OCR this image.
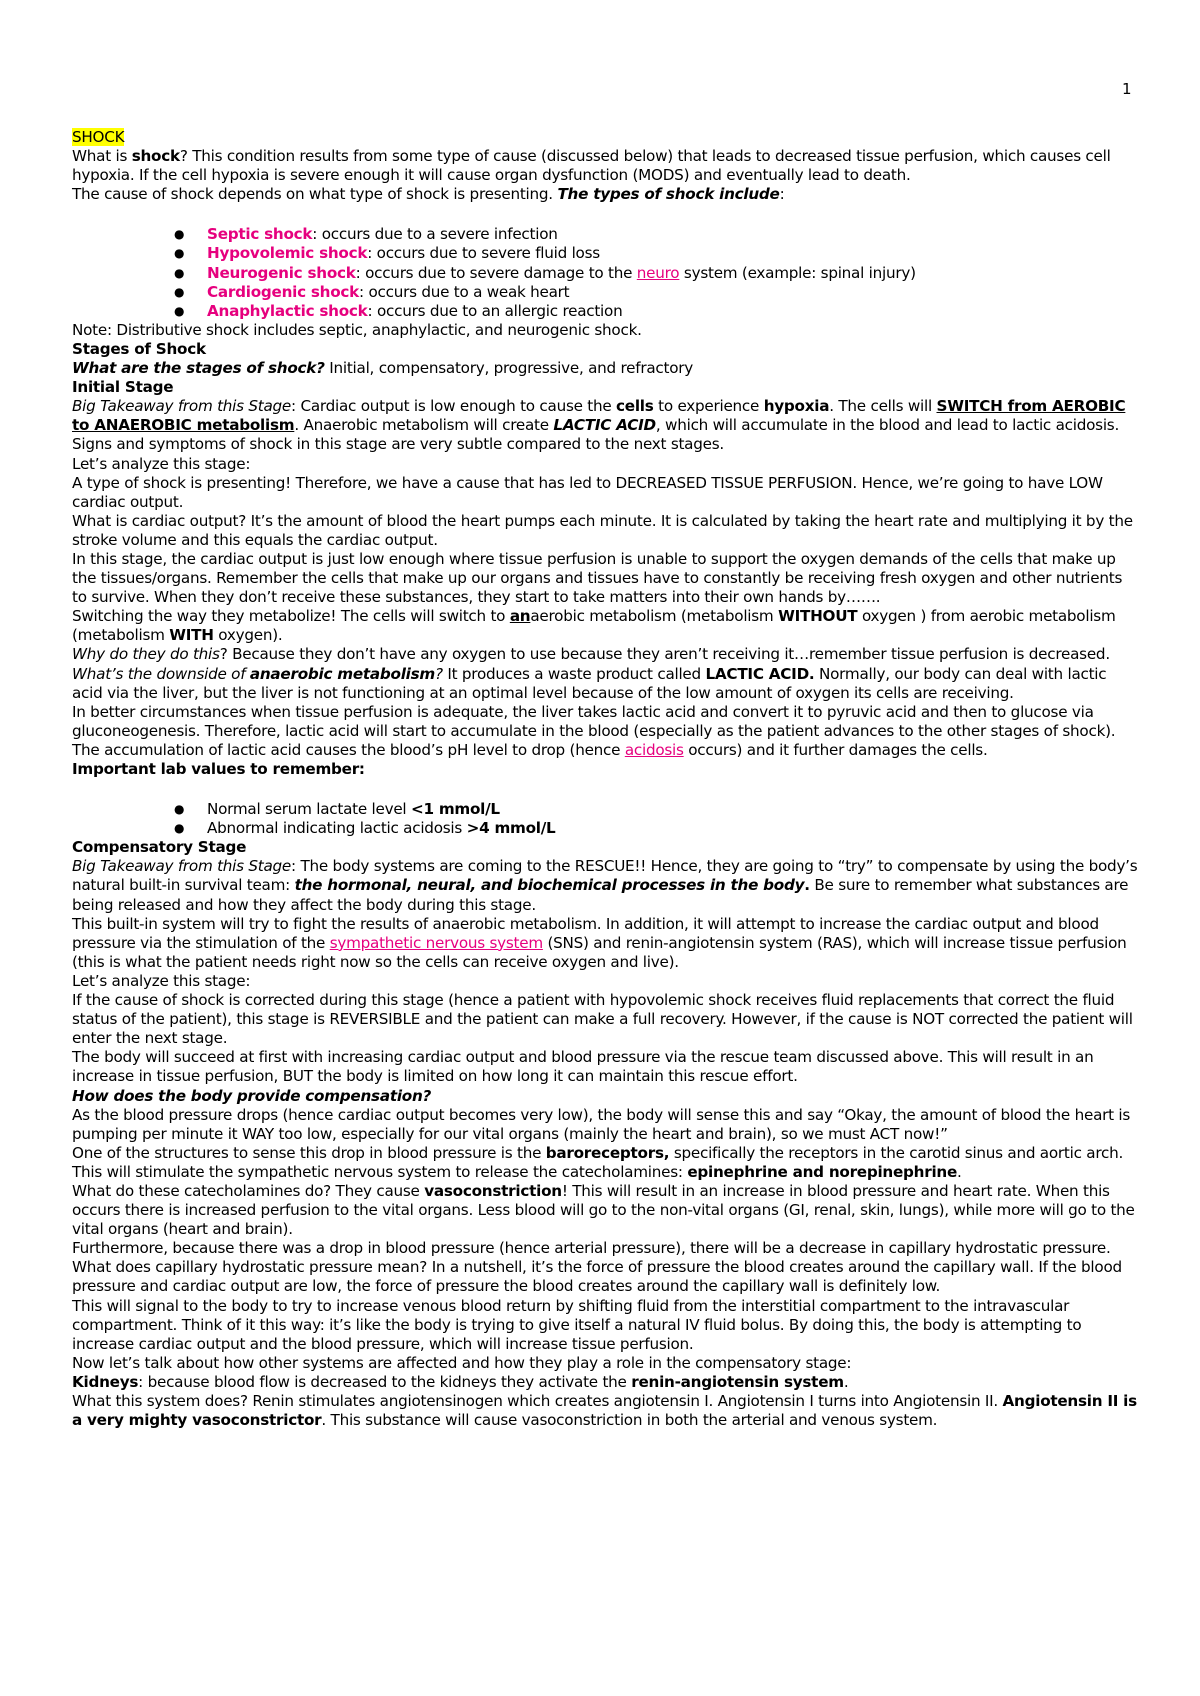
1

SHOCK

What is shock? This condition results from some type of cause (discussed below) that leads to decreased tissue perfusion, which causes cell hypoxia. If the cell hypoxia is severe enough it will cause organ dysfunction (MODS) and eventually lead to death.

The cause of shock depends on what type of shock is presenting. The types of shock include:

● Septic shock: occurs due to a severe infection
● Hypovolemic shock: occurs due to severe fluid loss
● Neurogenic shock: occurs due to severe damage to the neuro system (example: spinal injury)
● Cardiogenic shock: occurs due to a weak heart
● Anaphylactic shock: occurs due to an allergic reaction

Note: Distributive shock includes septic, anaphylactic, and neurogenic shock.

Stages of Shock

What are the stages of shock? Initial, compensatory, progressive, and refractory

Initial Stage

Big Takeaway from this Stage: Cardiac output is low enough to cause the cells to experience hypoxia. The cells will SWITCH from AEROBIC to ANAEROBIC metabolism. Anaerobic metabolism will create LACTIC ACID, which will accumulate in the blood and lead to lactic acidosis. Signs and symptoms of shock in this stage are very subtle compared to the next stages.

Let’s analyze this stage:

A type of shock is presenting! Therefore, we have a cause that has led to DECREASED TISSUE PERFUSION. Hence, we’re going to have LOW cardiac output.

What is cardiac output? It’s the amount of blood the heart pumps each minute. It is calculated by taking the heart rate and multiplying it by the stroke volume and this equals the cardiac output.

In this stage, the cardiac output is just low enough where tissue perfusion is unable to support the oxygen demands of the cells that make up the tissues/organs. Remember the cells that make up our organs and tissues have to constantly be receiving fresh oxygen and other nutrients to survive. When they don’t receive these substances, they start to take matters into their own hands by…….

Switching the way they metabolize! The cells will switch to anaerobic metabolism (metabolism WITHOUT oxygen ) from aerobic metabolism (metabolism WITH oxygen).

Why do they do this? Because they don’t have any oxygen to use because they aren’t receiving it…remember tissue perfusion is decreased.

What’s the downside of anaerobic metabolism? It produces a waste product called LACTIC ACID. Normally, our body can deal with lactic acid via the liver, but the liver is not functioning at an optimal level because of the low amount of oxygen its cells are receiving.

In better circumstances when tissue perfusion is adequate, the liver takes lactic acid and convert it to pyruvic acid and then to glucose via gluconeogenesis. Therefore, lactic acid will start to accumulate in the blood (especially as the patient advances to the other stages of shock).

The accumulation of lactic acid causes the blood’s pH level to drop (hence acidosis occurs) and it further damages the cells.

Important lab values to remember:

● Normal serum lactate level <1 mmol/L
● Abnormal indicating lactic acidosis >4 mmol/L

Compensatory Stage

Big Takeaway from this Stage: The body systems are coming to the RESCUE!! Hence, they are going to “try” to compensate by using the body’s natural built-in survival team: the hormonal, neural, and biochemical processes in the body. Be sure to remember what substances are being released and how they affect the body during this stage.

This built-in system will try to fight the results of anaerobic metabolism. In addition, it will attempt to increase the cardiac output and blood pressure via the stimulation of the sympathetic nervous system (SNS) and renin-angiotensin system (RAS), which will increase tissue perfusion (this is what the patient needs right now so the cells can receive oxygen and live).

Let’s analyze this stage:

If the cause of shock is corrected during this stage (hence a patient with hypovolemic shock receives fluid replacements that correct the fluid status of the patient), this stage is REVERSIBLE and the patient can make a full recovery. However, if the cause is NOT corrected the patient will enter the next stage.

The body will succeed at first with increasing cardiac output and blood pressure via the rescue team discussed above. This will result in an increase in tissue perfusion, BUT the body is limited on how long it can maintain this rescue effort.

How does the body provide compensation?

As the blood pressure drops (hence cardiac output becomes very low), the body will sense this and say “Okay, the amount of blood the heart is pumping per minute it WAY too low, especially for our vital organs (mainly the heart and brain), so we must ACT now!”

One of the structures to sense this drop in blood pressure is the baroreceptors, specifically the receptors in the carotid sinus and aortic arch. This will stimulate the sympathetic nervous system to release the catecholamines: epinephrine and norepinephrine.

What do these catecholamines do? They cause vasoconstriction! This will result in an increase in blood pressure and heart rate. When this occurs there is increased perfusion to the vital organs. Less blood will go to the non-vital organs (GI, renal, skin, lungs), while more will go to the vital organs (heart and brain).

Furthermore, because there was a drop in blood pressure (hence arterial pressure), there will be a decrease in capillary hydrostatic pressure.

What does capillary hydrostatic pressure mean? In a nutshell, it’s the force of pressure the blood creates around the capillary wall. If the blood pressure and cardiac output are low, the force of pressure the blood creates around the capillary wall is definitely low.

This will signal to the body to try to increase venous blood return by shifting fluid from the interstitial compartment to the intravascular compartment. Think of it this way: it’s like the body is trying to give itself a natural IV fluid bolus. By doing this, the body is attempting to increase cardiac output and the blood pressure, which will increase tissue perfusion.

Now let’s talk about how other systems are affected and how they play a role in the compensatory stage:

Kidneys: because blood flow is decreased to the kidneys they activate the renin-angiotensin system.

What this system does? Renin stimulates angiotensinogen which creates angiotensin I. Angiotensin I turns into Angiotensin II. Angiotensin II is a very mighty vasoconstrictor. This substance will cause vasoconstriction in both the arterial and venous system.
